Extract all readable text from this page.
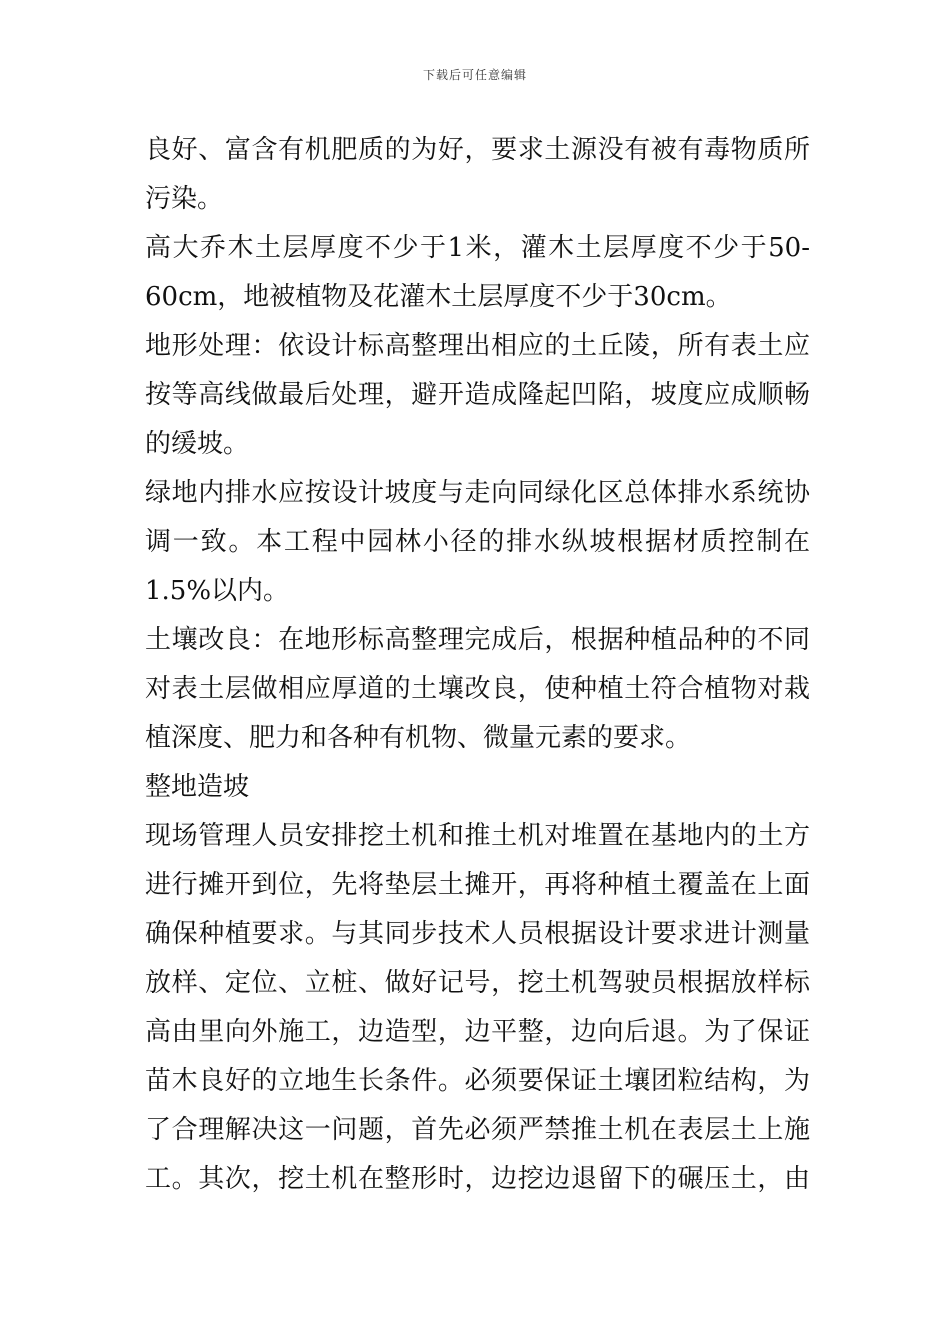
下载后可任意编辑
良好、富含有机肥质的为好，要求土源没有被有毒物质所
污染。
高大乔木土层厚度不少于1米，灌木土层厚度不少于50-
60cm，地被植物及花灌木土层厚度不少于30cm。
地形处理：依设计标高整理出相应的土丘陵，所有表土应
按等高线做最后处理，避开造成隆起凹陷，坡度应成顺畅
的缓坡。
绿地内排水应按设计坡度与走向同绿化区总体排水系统协
调一致。本工程中园林小径的排水纵坡根据材质控制在
1.5%以内。
土壤改良：在地形标高整理完成后，根据种植品种的不同
对表土层做相应厚道的土壤改良，使种植土符合植物对栽
植深度、肥力和各种有机物、微量元素的要求。
整地造坡
现场管理人员安排挖土机和推土机对堆置在基地内的土方
进行摊开到位，先将垫层土摊开，再将种植土覆盖在上面
确保种植要求。与其同步技术人员根据设计要求进计测量
放样、定位、立桩、做好记号，挖土机驾驶员根据放样标
高由里向外施工，边造型，边平整，边向后退。为了保证
苗木良好的立地生长条件。必须要保证土壤团粒结构，为
了合理解决这一问题，首先必须严禁推土机在表层土上施
工。其次，挖土机在整形时，边挖边退留下的碾压土，由
